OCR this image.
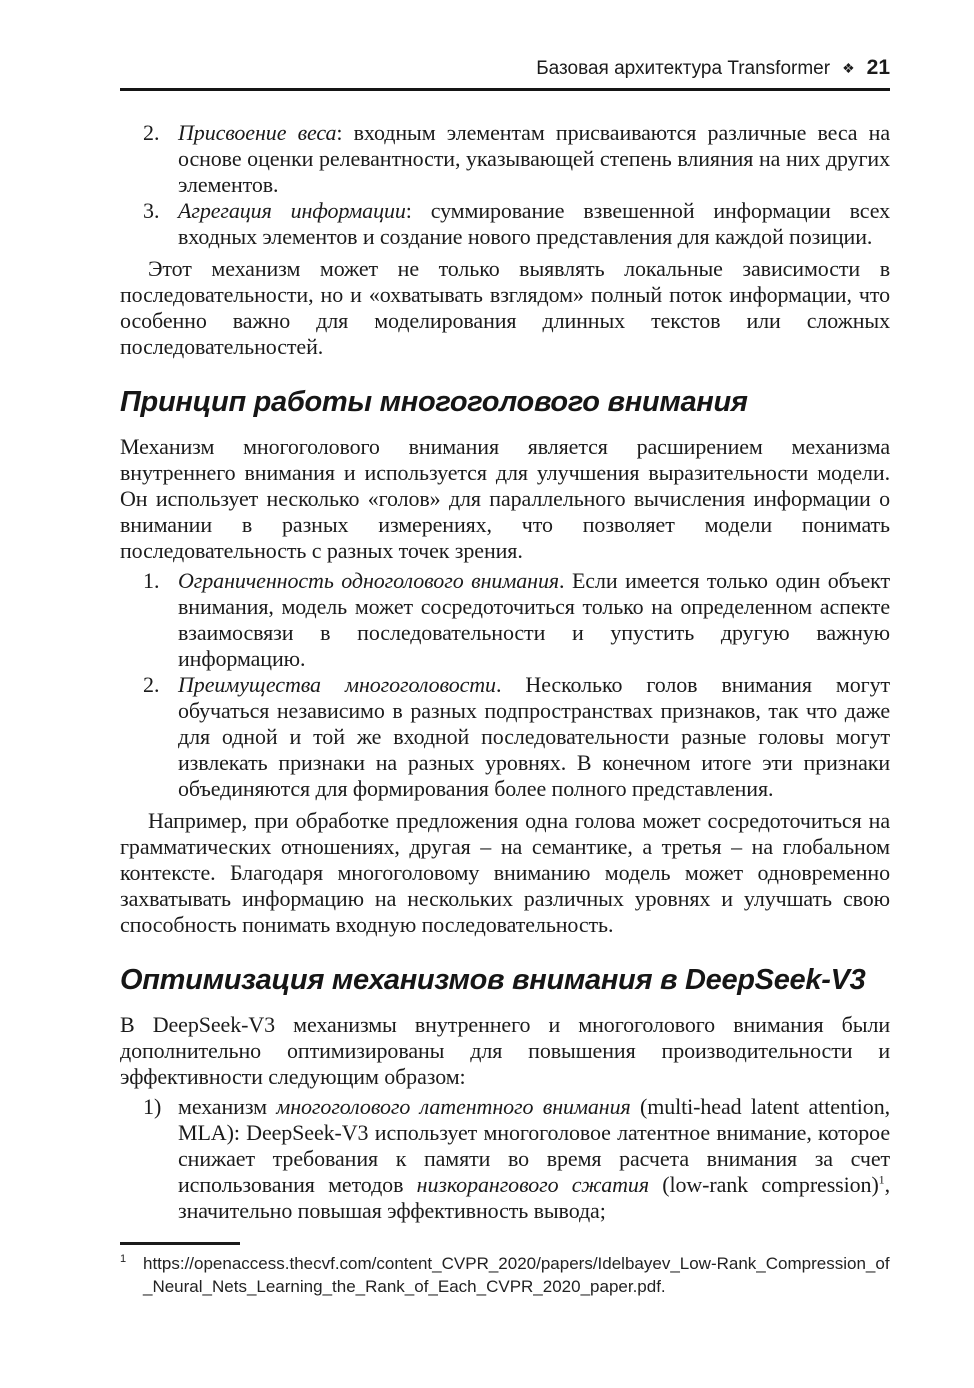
Базовая архитектура Transformer ❖ 21
2. Присвоение веса: входным элементам присваиваются различные веса на основе оценки релевантности, указывающей степень влияния на них других элементов.
3. Агрегация информации: суммирование взвешенной информации всех входных элементов и создание нового представления для каждой позиции.

Этот механизм может не только выявлять локальные зависимости в последовательности, но и «охватывать взглядом» полный поток информации, что особенно важно для моделирования длинных текстов или сложных последовательностей.

Принцип работы многоголового внимания

Механизм многоголового внимания является расширением механизма внутреннего внимания и используется для улучшения выразительности модели. Он использует несколько «голов» для параллельного вычисления информации о внимании в разных измерениях, что позволяет модели понимать последовательность с разных точек зрения.

1. Ограниченность одноголового внимания. Если имеется только один объект внимания, модель может сосредоточиться только на определенном аспекте взаимосвязи в последовательности и упустить другую важную информацию.
2. Преимущества многоголовости. Несколько голов внимания могут обучаться независимо в разных подпространствах признаков, так что даже для одной и той же входной последовательности разные головы могут извлекать признаки на разных уровнях. В конечном итоге эти признаки объединяются для формирования более полного представления.

Например, при обработке предложения одна голова может сосредоточиться на грамматических отношениях, другая – на семантике, а третья – на глобальном контексте. Благодаря многоголовому вниманию модель может одновременно захватывать информацию на нескольких различных уровнях и улучшать свою способность понимать входную последовательность.

Оптимизация механизмов внимания в DeepSeek-V3

В DeepSeek-V3 механизмы внутреннего и многоголового внимания были дополнительно оптимизированы для повышения производительности и эффективности следующим образом:

1) механизм многоголового латентного внимания (multi-head latent attention, MLA): DeepSeek-V3 использует многоголовое латентное внимание, которое снижает требования к памяти во время расчета внимания за счет использования методов низкорангового сжатия (low-rank compression)$^1$, значительно повышая эффективность вывода;
1 https://openaccess.thecvf.com/content_CVPR_2020/papers/Idelbayev_Low-Rank_Compression_of_Neural_Nets_Learning_the_Rank_of_Each_CVPR_2020_paper.pdf.
